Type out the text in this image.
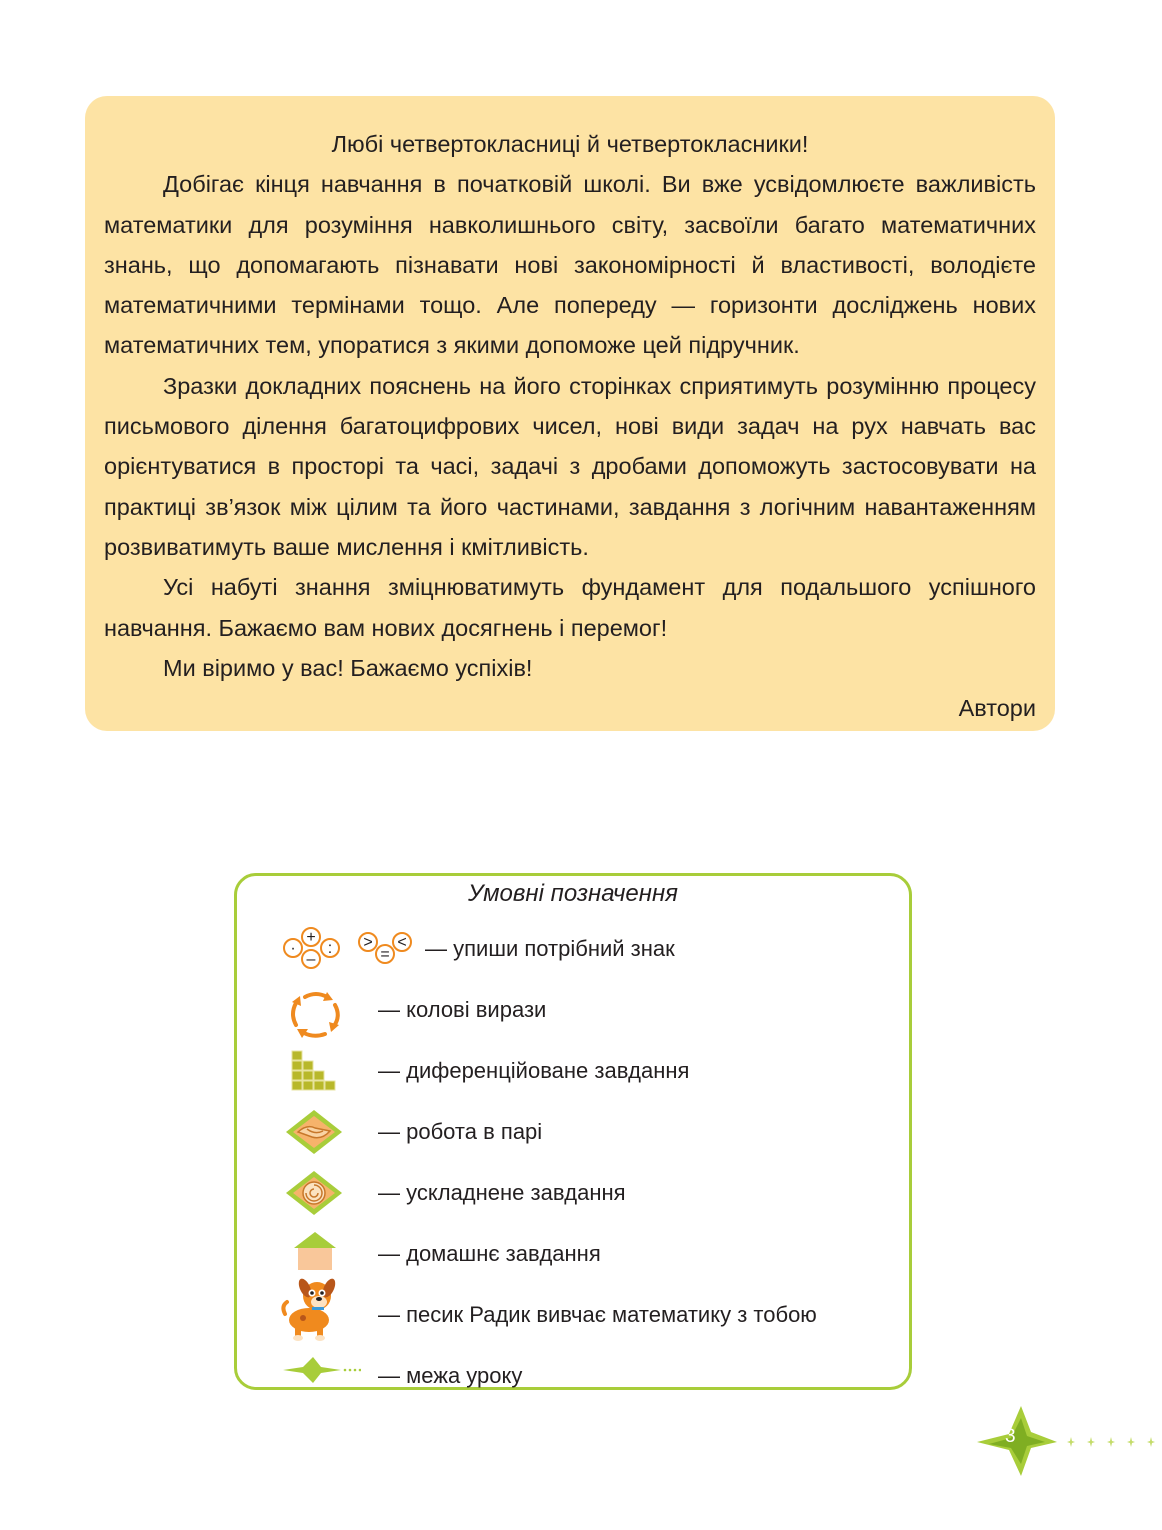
Любі четвертокласниці й четвертокласники!

Добігає кінця навчання в початковій школі. Ви вже усвідомлюєте важливість математики для розуміння навколишнього світу, засвоїли багато математичних знань, що допомагають пізнавати нові закономірності й властивості, володієте математичними термінами тощо. Але попереду — горизонти досліджень нових математичних тем, упоратися з якими допоможе цей підручник.

Зразки докладних пояснень на його сторінках сприятимуть розумінню процесу письмового ділення багатоцифрових чисел, нові види задач на рух навчать вас орієнтуватися в просторі та часі, задачі з дробами допоможуть застосовувати на практиці зв’язок між цілим та його частинами, завдання з логічним навантаженням розвиватимуть ваше мислення і кмітливість.

Усі набуті знання зміцнюватимуть фундамент для подальшого успішного навчання. Бажаємо вам нових досягнень і перемог!

Ми віримо у вас! Бажаємо успіхів!

Автори

Умовні позначення
·
+
:
–
>
=
< — упиши потрібний знак
— колові вирази
— диференційоване завдання
— робота в парі
— ускладнене завдання
— домашнє завдання
— песик Радик вивчає математику з тобою
— межа уроку
3
